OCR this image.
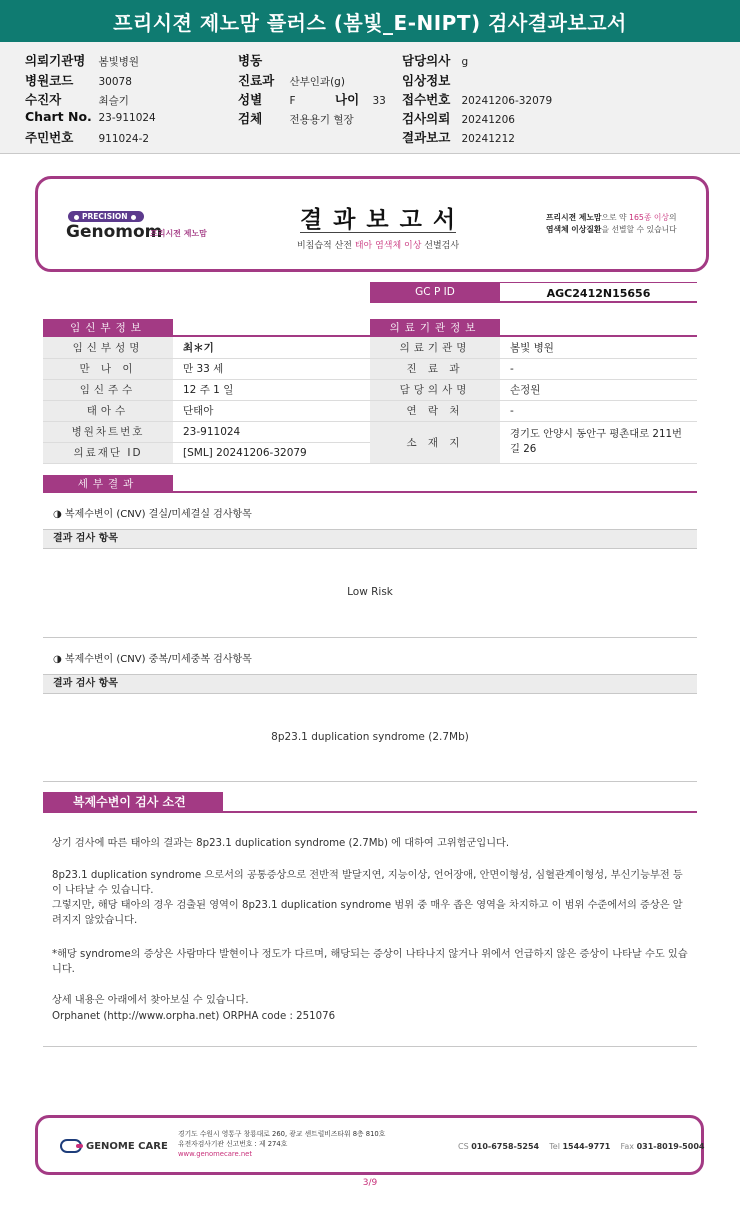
프리시젼 제노맘 플러스 (봄빛_E-NIPT) 검사결과보고서
의뢰기관명 봄빛병원
병원코드 30078
수진자	최슬기
Chart No. 23-911024
주민번호 911024-2
병동
진료과 산부인과(g)
성별	F	나이 33
검체	전용용기 혈장
담당의사 g
임상정보
접수번호 20241206-32079
검사의뢰 20241206
결과보고 20241212
PRECISION
Genomom
프리시젼 제노맘
결과보고서
비침습적 산전 태아 염색체 이상 선별검사
프리시젼 제노맘으로 약 165종 이상의
염색체 이상질환을 선별할 수 있습니다
GC P ID	AGC2412N15656
임신부정보
임신부성명	최＊기
만 나 이	만 33 세
임신주수	12 주 1 일
태아수	단태아
병원차트번호	23-911024
의료재단 ID	[SML] 20241206-32079
의료기관정보
의료기관명	봄빛 병원
진 료 과	-
담당의사명	손정원
연 락 처	-
소 재 지	경기도 안양시 동안구 평촌대로 211번길 26
세부결과
◑ 복제수변이 (CNV) 결실/미세결실 검사항목
결과 검사 항목
Low Risk
◑ 복제수변이 (CNV) 중복/미세중복 검사항목
결과 검사 항목
8p23.1 duplication syndrome (2.7Mb)
복제수변이 검사 소견
상기 검사에 따른 태아의 결과는 8p23.1 duplication syndrome (2.7Mb) 에 대하여 고위험군입니다.
8p23.1 duplication syndrome 으로서의 공통증상으로 전반적 발달지연, 지능이상, 언어장애, 안면이형성, 심혈관계이형성, 부신기능부전 등이 나타날 수 있습니다.
그렇지만, 해당 태아의 경우 검출된 영역이 8p23.1 duplication syndrome 범위 중 매우 좁은 영역을 차지하고 이 범위 수준에서의 증상은 알려지지 않았습니다.
*해당 syndrome의 증상은 사람마다 발현이나 정도가 다르며, 해당되는 증상이 나타나지 않거나 위에서 언급하지 않은 증상이 나타날 수도 있습니다.
상세 내용은 아래에서 찾아보실 수 있습니다.
Orphanet (http://www.orpha.net) ORPHA code : 251076
GENOME CARE
경기도 수원시 영통구 창룡대로 260, 광교 센트럴비즈타워 8층 810호
유전자검사기관 신고번호 : 제 274호
www.genomecare.net
CS 010-6758-5254 Tel 1544-9771 Fax 031-8019-5004
3/9
